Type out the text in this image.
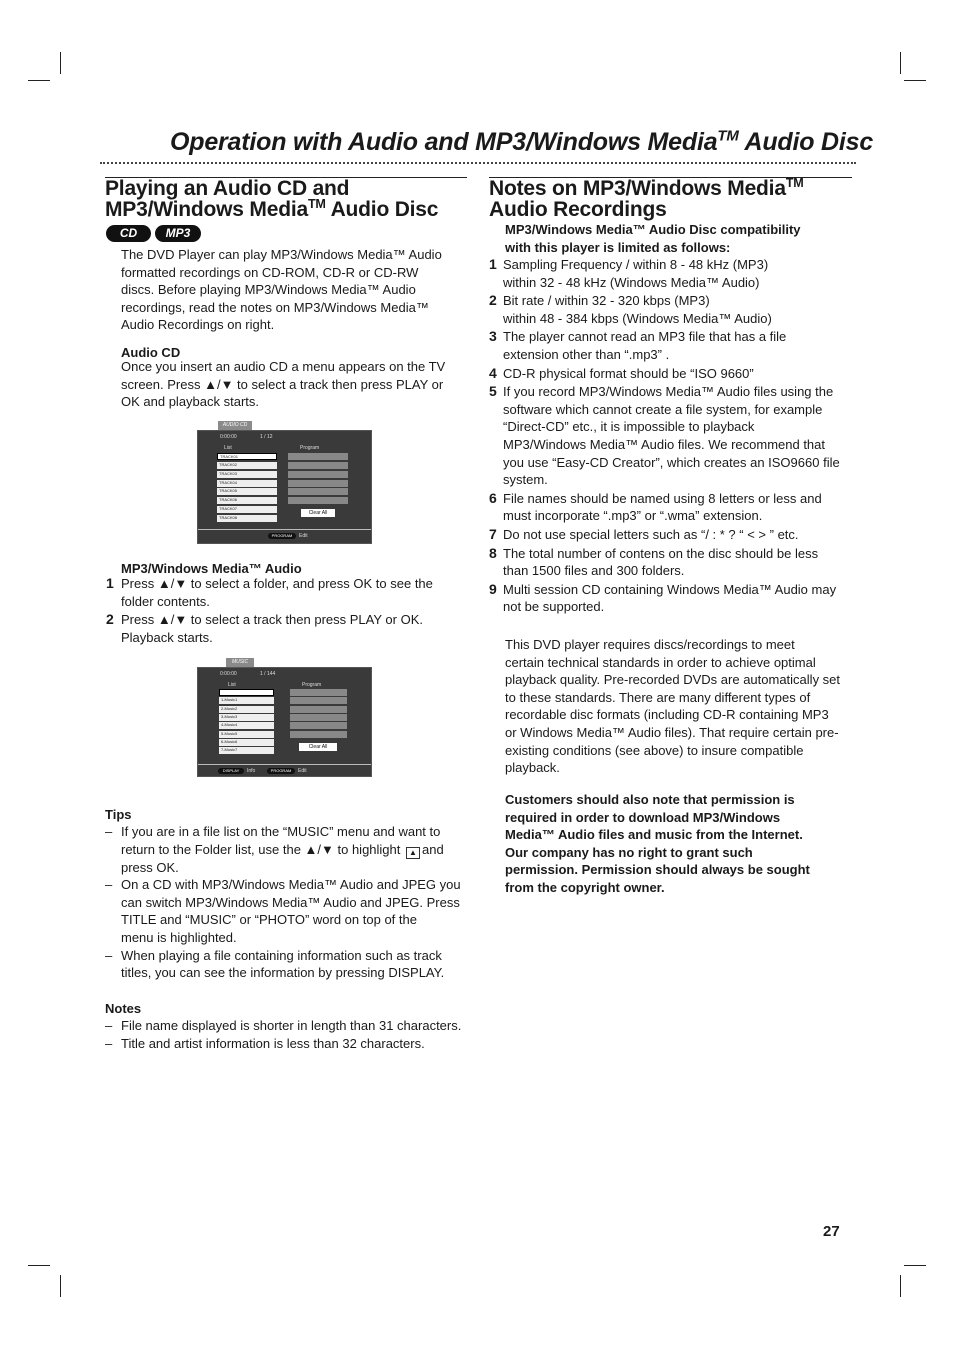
Operation with Audio and MP3/Windows Media™ Audio Disc
Playing an Audio CD and
MP3/Windows Media™ Audio Disc
CD	MP3
The DVD Player can play MP3/Windows Media™ Audio
formatted recordings on CD-ROM, CD-R or CD-RW
discs. Before playing MP3/Windows Media™ Audio
recordings, read the notes on MP3/Windows Media™
Audio Recordings on right.
Audio CD
Once you insert an audio CD a menu appears on the TV
screen. Press ▲/▼ to select a track then press PLAY or
OK and playback starts.
AUDIO CD
0:00:00	1 / 12
List	Program
TRACK01
TRACK02
TRACK03
TRACK04
TRACK05
TRACK06
TRACK07
TRACK08
Clear All
PROGRAM	Edit
MP3/Windows Media™ Audio
1 Press ▲/▼ to select a folder, and press OK to see the
folder contents.
2 Press ▲/▼ to select a track then press PLAY or OK.
Playback starts.
MUSIC
0:00:00	1 / 144
List	Program
1-Music1
2-Music2
3-Music3
4-Music4
5-Music5
6-Music6
7-Music7	Clear All
DISPLAY	Info	PROGRAM	Edit
Tips
– If you are in a file list on the “MUSIC” menu and want to
return to the Folder list, use the ▲/▼ to highlight ▲ and
press OK.
– On a CD with MP3/Windows Media™ Audio and JPEG you
can switch MP3/Windows Media™ Audio and JPEG. Press
TITLE and “MUSIC” or “PHOTO” word on top of the
menu is highlighted.
– When playing a file containing information such as track
titles, you can see the information by pressing DISPLAY.
Notes
– File name displayed is shorter in length than 31 characters.
– Title and artist information is less than 32 characters.
Notes on MP3/Windows Media™
Audio Recordings
MP3/Windows Media™ Audio Disc compatibility
with this player is limited as follows:
1 Sampling Frequency / within 8 - 48 kHz (MP3)
within 32 - 48 kHz (Windows Media™ Audio)
2 Bit rate / within 32 - 320 kbps (MP3)
within 48 - 384 kbps (Windows Media™ Audio)
3 The player cannot read an MP3 file that has a file
extension other than “.mp3” .
4 CD-R physical format should be “ISO 9660”
5 If you record MP3/Windows Media™ Audio files using the
software which cannot create a file system, for example
“Direct-CD” etc., it is impossible to playback
MP3/Windows Media™ Audio files. We recommend that
you use “Easy-CD Creator”, which creates an ISO9660 file
system.
6 File names should be named using 8 letters or less and
must incorporate “.mp3” or “.wma” extension.
7 Do not use special letters such as “/ : * ? “ < > ” etc.
8 The total number of contens on the disc should be less
than 1500 files and 300 folders.
9 Multi session CD containing Windows Media™ Audio may
not be supported.
This DVD player requires discs/recordings to meet
certain technical standards in order to achieve optimal
playback quality. Pre-recorded DVDs are automatically set
to these standards. There are many different types of
recordable disc formats (including CD-R containing MP3
or Windows Media™ Audio files). That require certain pre-
existing conditions (see above) to insure compatible
playback.
Customers should also note that permission is
required in order to download MP3/Windows
Media™ Audio files and music from the Internet.
Our company has no right to grant such
permission. Permission should always be sought
from the copyright owner.
27
